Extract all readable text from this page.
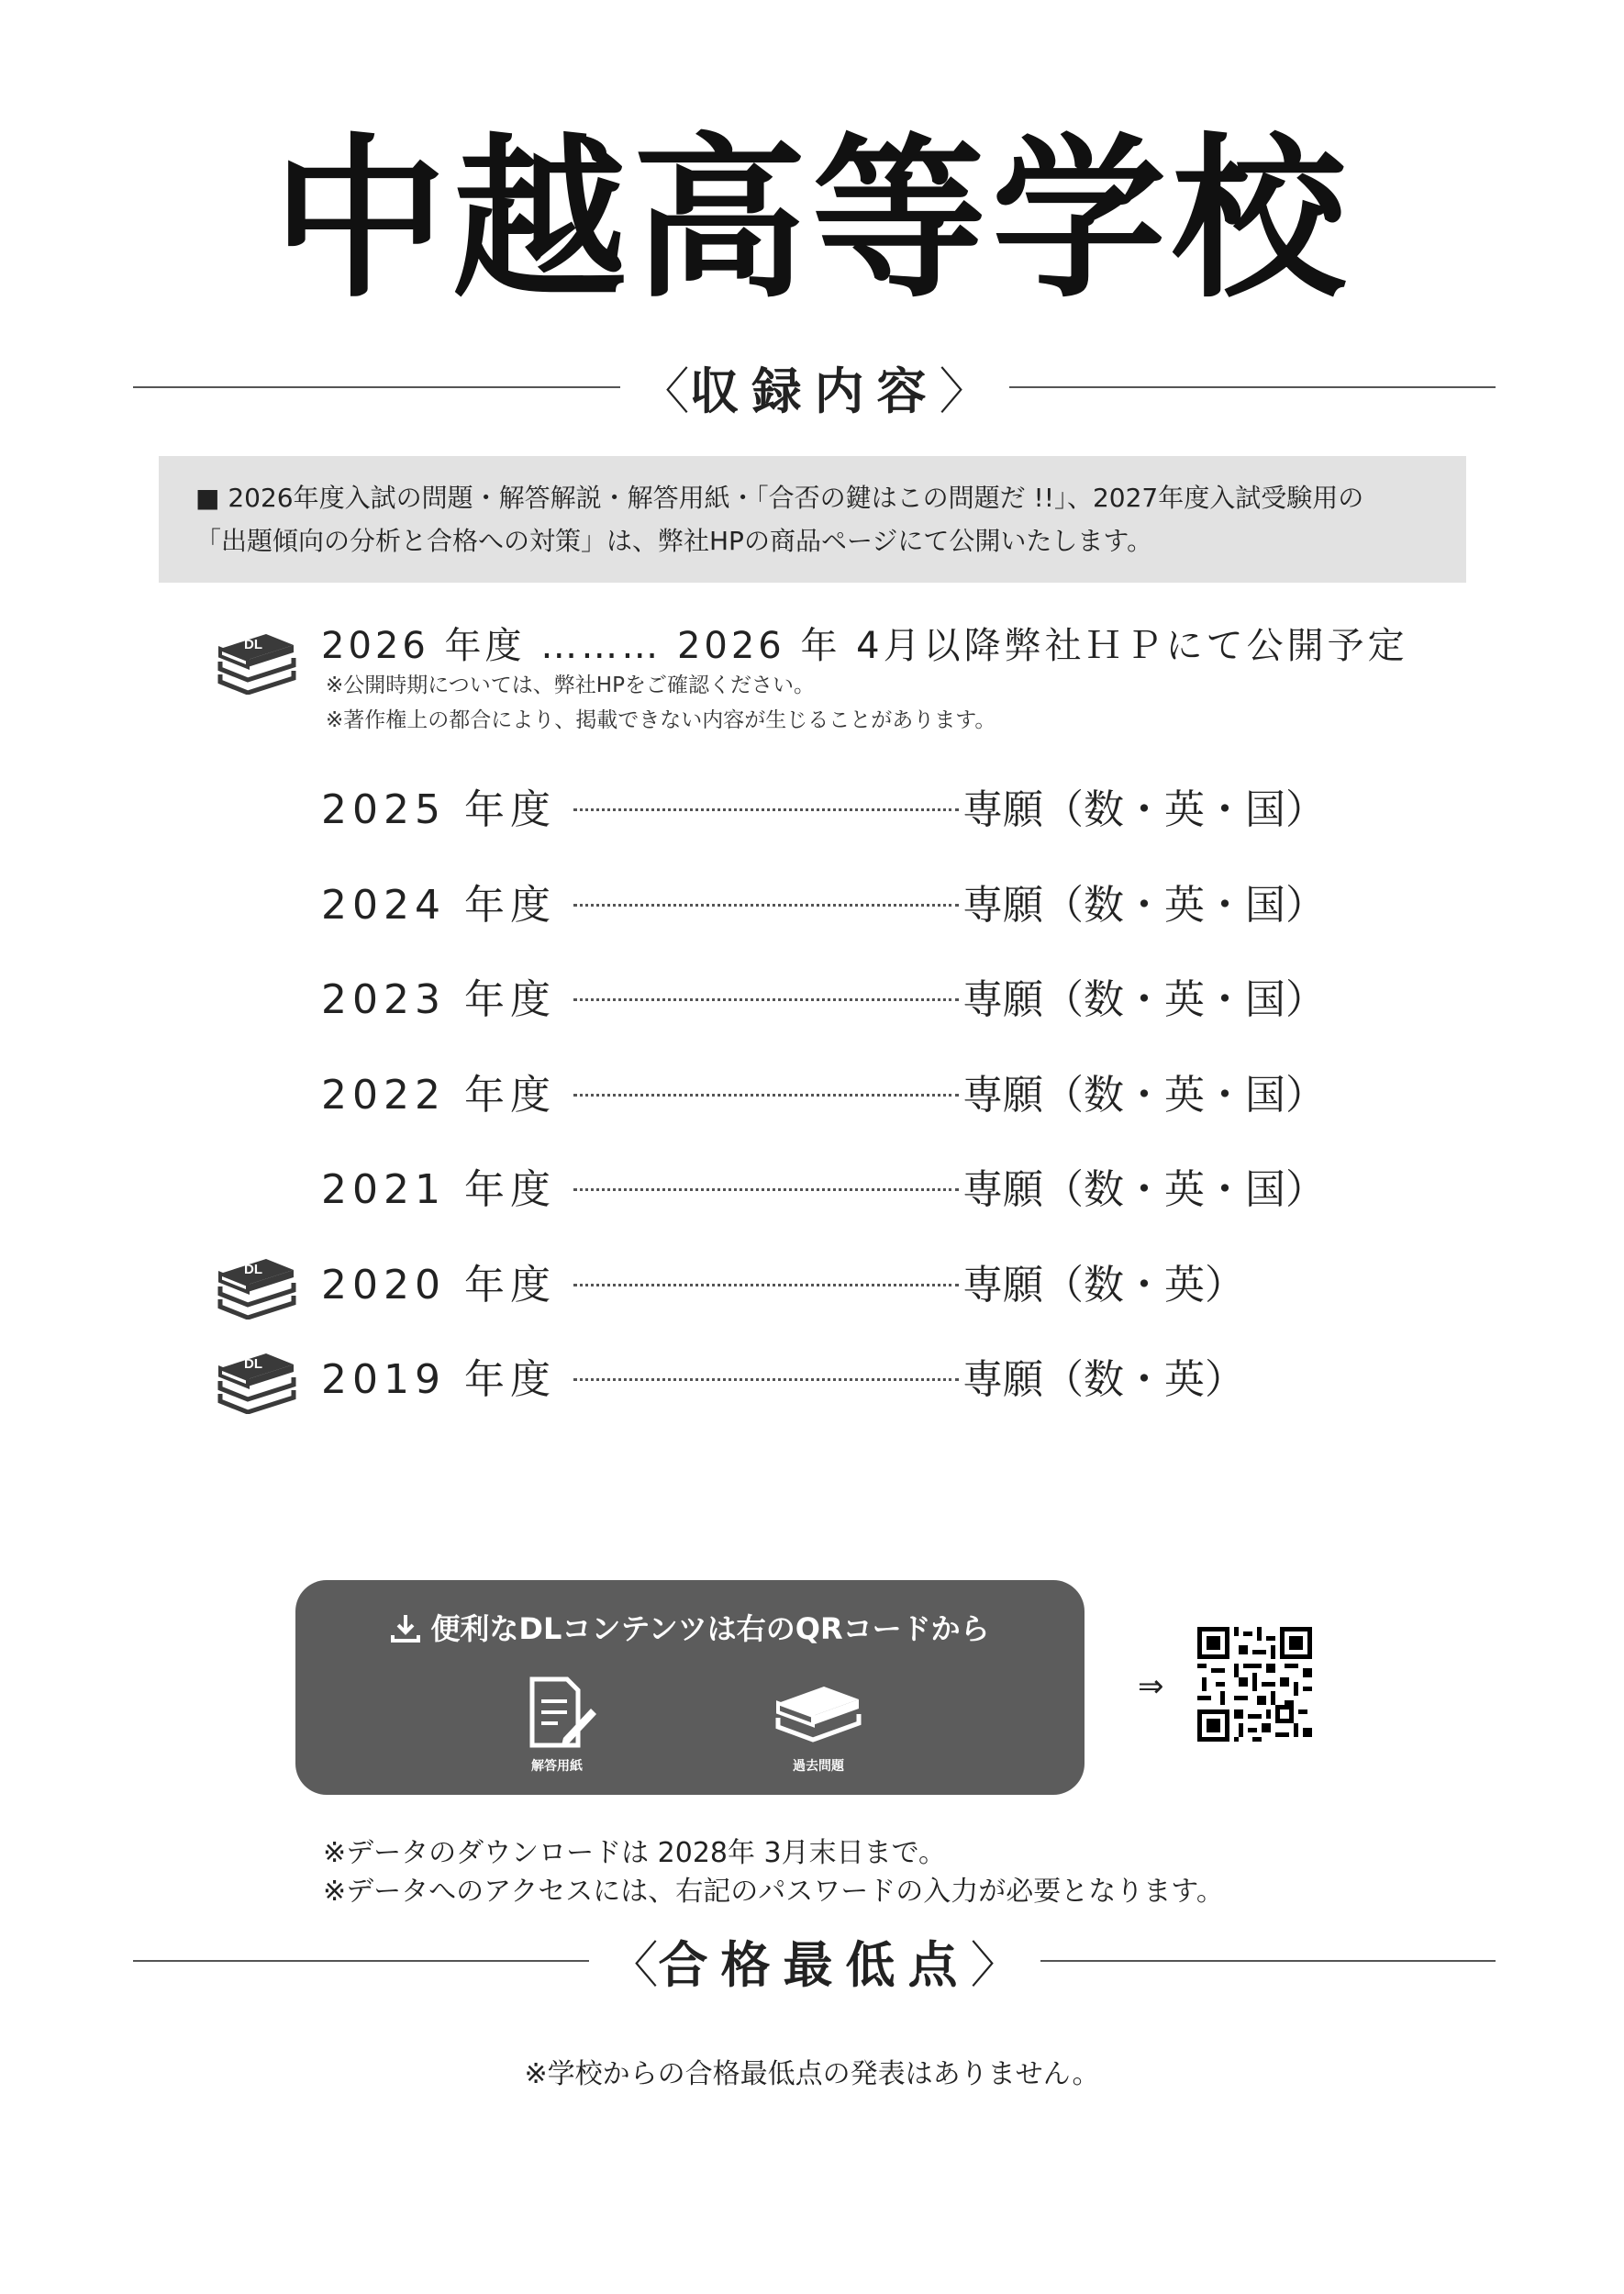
中越高等学校
〈収録内容〉
■ 2026年度入試の問題・解答解説・解答用紙・「合否の鍵はこの問題だ !!」、2027年度入試受験用の
「出題傾向の分析と合格への対策」は、弊社HPの商品ページにて公開いたします。
DL 2026 年度 ……… 2026 年 4月以降弊社ＨＰにて公開予定
※公開時期については、弊社HPをご確認ください。
※著作権上の都合により、掲載できない内容が生じることがあります。
2025 年度	専願（数・英・国）
2024 年度	専願（数・英・国）
2023 年度	専願（数・英・国）
2022 年度	専願（数・英・国）
2021 年度	専願（数・英・国）
2020 年度	専願（数・英）
DL
2019 年度	専願（数・英）
DL
便利なDLコンテンツは右のQRコードから
解答用紙	過去問題
⇒
※データのダウンロードは 2028年 3月末日まで。
※データへのアクセスには、右記のパスワードの入力が必要となります。
〈合格最低点〉
※学校からの合格最低点の発表はありません。
